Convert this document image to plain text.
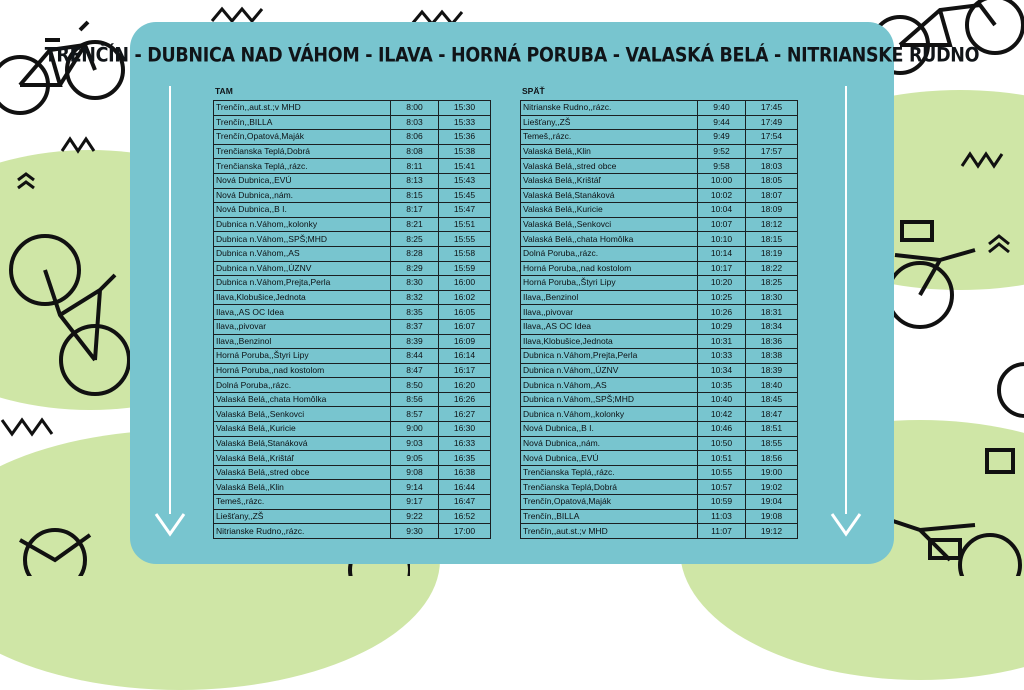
TRENČÍN - DUBNICA NAD VÁHOM - ILAVA - HORNÁ PORUBA - VALASKÁ BELÁ - NITRIANSKE RUDNO
TAM
Trenčín,,aut.st.;v MHD	8:00	15:30
Trenčín,,BILLA	8:03	15:33
Trenčín,Opatová,Maják	8:06	15:36
Trenčianska Teplá,Dobrá	8:08	15:38
Trenčianska Teplá,,rázc.	8:11	15:41
Nová Dubnica,,EVÚ	8:13	15:43
Nová Dubnica,,nám.	8:15	15:45
Nová Dubnica,,B I.	8:17	15:47
Dubnica n.Váhom,,kolonky	8:21	15:51
Dubnica n.Váhom,,SPŠ;MHD	8:25	15:55
Dubnica n.Váhom,,AS	8:28	15:58
Dubnica n.Váhom,,ÚZNV	8:29	15:59
Dubnica n.Váhom,Prejta,Perla	8:30	16:00
Ilava,Klobušice,Jednota	8:32	16:02
Ilava,,AS OC Idea	8:35	16:05
Ilava,,pivovar	8:37	16:07
Ilava,,Benzinol	8:39	16:09
Horná Poruba,,Štyri Lipy	8:44	16:14
Horná Poruba,,nad kostolom	8:47	16:17
Dolná Poruba,,rázc.	8:50	16:20
Valaská Belá,,chata Homôlka	8:56	16:26
Valaská Belá,,Senkovci	8:57	16:27
Valaská Belá,,Kuricie	9:00	16:30
Valaská Belá,Stanáková	9:03	16:33
Valaská Belá,,Krištáľ	9:05	16:35
Valaská Belá,,stred obce	9:08	16:38
Valaská Belá,,Klin	9:14	16:44
Temeš,,rázc.	9:17	16:47
Liešťany,,ZŠ	9:22	16:52
Nitrianske Rudno,,rázc.	9:30	17:00
SPÄŤ
Nitrianske Rudno,,rázc.	9:40	17:45
Liešťany,,ZŠ	9:44	17:49
Temeš,,rázc.	9:49	17:54
Valaská Belá,,Klin	9:52	17:57
Valaská Belá,,stred obce	9:58	18:03
Valaská Belá,,Krištáľ	10:00	18:05
Valaská Belá,Stanáková	10:02	18:07
Valaská Belá,,Kuricie	10:04	18:09
Valaská Belá,,Senkovci	10:07	18:12
Valaská Belá,,chata Homôlka	10:10	18:15
Dolná Poruba,,rázc.	10:14	18:19
Horná Poruba,,nad kostolom	10:17	18:22
Horná Poruba,,Štyri Lipy	10:20	18:25
Ilava,,Benzinol	10:25	18:30
Ilava,,pivovar	10:26	18:31
Ilava,,AS OC Idea	10:29	18:34
Ilava,Klobušice,Jednota	10:31	18:36
Dubnica n.Váhom,Prejta,Perla	10:33	18:38
Dubnica n.Váhom,,ÚZNV	10:34	18:39
Dubnica n.Váhom,,AS	10:35	18:40
Dubnica n.Váhom,,SPŠ;MHD	10:40	18:45
Dubnica n.Váhom,,kolonky	10:42	18:47
Nová Dubnica,,B I.	10:46	18:51
Nová Dubnica,,nám.	10:50	18:55
Nová Dubnica,,EVÚ	10:51	18:56
Trenčianska Teplá,,rázc.	10:55	19:00
Trenčianska Teplá,Dobrá	10:57	19:02
Trenčín,Opatová,Maják	10:59	19:04
Trenčín,,BILLA	11:03	19:08
Trenčín,,aut.st.;v MHD	11:07	19:12
